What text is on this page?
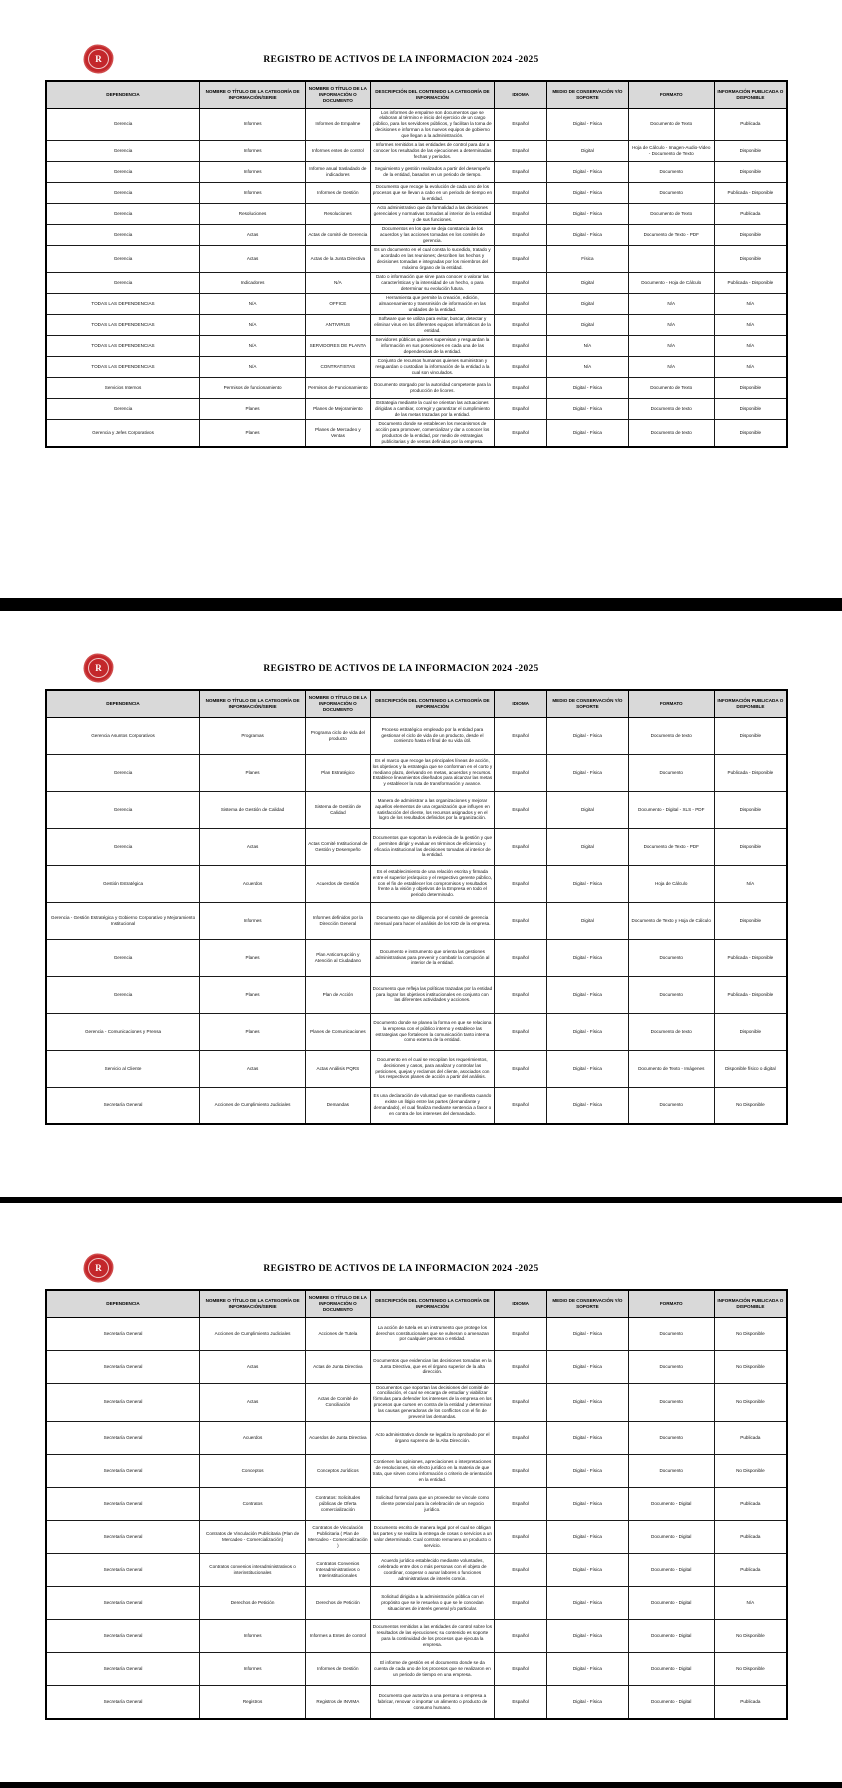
R	REGISTRO DE ACTIVOS DE LA INFORMACION 2024 -2025
DEPENDENCIA	NOMBRE O TÍTULO DE LA CATEGORÍA DE INFORMACIÓN/SERIE	NOMBRE O TÍTULO DE LA INFORMACIÓN O DOCUMENTO	DESCRIPCIÓN DEL CONTENIDO LA CATEGORÍA DE INFORMACIÓN	IDIOMA	MEDIO DE CONSERVACIÓN Y/O SOPORTE	FORMATO	INFORMACIÓN PUBLICADA O DISPONIBLE
Gerencia	Informes	Informes de Empalme	Los informes de empalme son documentos que se elaboran al término e inicio del ejercicio de un cargo público, para los servidores públicos, y facilitan la toma de decisiones e informan a los nuevos equipos de gobierno que llegan a la administración.	Español	Digital - Física	Documento de Texto	Publicada
Gerencia	Informes	Informes entes de control	Informes remitidos a las entidades de control para dar a conocer los resultados de las ejecuciones a determinadas fechas y periodos.	Español	Digital	Hoja de Cálculo - Imagen-Audio-Video - Documento de Texto	Disponible
Gerencia	Informes	Informe anual trasladado de indicadores	Seguimiento y gestión realizados a partir del desempeño de la entidad, basados en un periodo de tiempo.	Español	Digital - Física	Documento	Disponible
Gerencia	Informes	Informes de Gestión	Documento que recoge la evolución de cada uno de los procesos que se llevan a cabo en un periodo de tiempo en la entidad.	Español	Digital - Física	Documento	Publicada - Disponible
Gerencia	Resoluciones	Resoluciones	Acto administrativo que da formalidad a las decisiones gerenciales y normativas tomadas al interior de la entidad y de sus funciones.	Español	Digital - Física	Documento de Texto	Publicada
Gerencia	Actas	Actas de comité de Gerencia	Documentos en los que se deja constancia de los acuerdos y las acciones tomadas en los comités de gerencia.	Español	Digital - Física	Documento de Texto - PDF	Disponible
Gerencia	Actas	Actas de la Junta Directiva	Es un documento en el cual consta lo sucedido, tratado y acordado en las reuniones; describen los hechos y decisiones tomadas e integradas por los miembros del máximo órgano de la entidad.	Español	Física		Disponible
Gerencia	Indicadores	N/A	Dato o información que sirve para conocer o valorar las características y la intensidad de un hecho, o para determinar su evolución futura.	Español	Digital	Documento - Hoja de Cálculo	Publicada - Disponible
TODAS LAS DEPENDENCIAS	N/A	OFFICE	Herramienta que permite la creación, edición, almacenamiento y transmisión de información en las unidades de la entidad.	Español	Digital	N/A	N/A
TODAS LAS DEPENDENCIAS	N/A	ANTIVIRUS	Software que se utiliza para evitar, buscar, detectar y eliminar virus en los diferentes equipos informáticos de la entidad.	Español	Digital	N/A	N/A
TODAS LAS DEPENDENCIAS	N/A	SERVIDORES DE PLANTA	Servidores públicos quienes supervisan y resguardan la información en sus posesiones en cada una de las dependencias de la entidad.	Español	N/A	N/A	N/A
TODAS LAS DEPENDENCIAS	N/A	CONTRATISTAS	Conjunto de recursos humanos quienes suministran y resguardan o custodian la información de la entidad a la cual son vinculados.	Español	N/A	N/A	N/A
Servicios Internos	Permisos de funcionamiento	Permisos de Funcionamiento	Documento otorgado por la autoridad competente para la producción de licores.	Español	Digital - Física	Documento de Texto	Disponible
Gerencia	Planes	Planes de Mejoramiento	Estrategia mediante la cual se orientan las actuaciones dirigidas a cambiar, corregir y garantizar el cumplimiento de las metas trazadas por la entidad.	Español	Digital - Física	Documento de texto	Disponible
Gerencia y Jefes Corporativos	Planes	Planes de Mercadeo y Ventas	Documento donde se establecen los mecanismos de acción para promover, comercializar y dar a conocer los productos de la entidad, por medio de estrategias publicitarias y de ventas definidas por la empresa.	Español	Digital - Física	Documento de texto	Disponible
R	REGISTRO DE ACTIVOS DE LA INFORMACION 2024 -2025
DEPENDENCIA	NOMBRE O TÍTULO DE LA CATEGORÍA DE INFORMACIÓN/SERIE	NOMBRE O TÍTULO DE LA INFORMACIÓN O DOCUMENTO	DESCRIPCIÓN DEL CONTENIDO LA CATEGORÍA DE INFORMACIÓN	IDIOMA	MEDIO DE CONSERVACIÓN Y/O SOPORTE	FORMATO	INFORMACIÓN PUBLICADA O DISPONIBLE
Gerencia Asuntos Corporativos	Programas	Programa ciclo de vida del producto	Proceso estratégico empleado por la entidad para gestionar el ciclo de vida de un producto, desde el comienzo hasta el final de su vida útil.	Español	Digital - Física	Documento de texto	Disponible
Gerencia	Planes	Plan Estratégico	Es el marco que recoge las principales líneas de acción, los objetivos y la estrategia que se conforman en el corto y mediano plazo, derivando en metas, acuerdos y recursos. Establece lineamientos diseñados para alcanzar las metas y establecer la ruta de transformación y avance.	Español	Digital - Física	Documento	Publicada - Disponible
Gerencia	Sistema de Gestión de Calidad	Sistema de Gestión de Calidad	Manera de administrar a las organizaciones y mejorar aquellos elementos de una organización que influyen en satisfacción del cliente, los recursos asignados y en el logro de los resultados definidos por la organización.	Español	Digital	Documento - Digital - XLS - PDF	Disponible
Gerencia	Actas	Actas Comité Institucional de Gestión y Desempeño	Documentos que soportan la evidencia de la gestión y que permiten dirigir y evaluar en términos de eficiencia y eficacia institucional las decisiones tomadas al interior de la entidad.	Español	Digital	Documento de Texto - PDF	Disponible
Gestión Estratégica	Acuerdos	Acuerdos de Gestión	Es el establecimiento de una relación escrita y firmada entre el superior jerárquico y el respectivo gerente público, con el fin de establecer los compromisos y resultados frente a la visión y objetivos de la Empresa en todo el periodo determinado.	Español	Digital - Física	Hoja de Cálculo	N/A
Gerencia - Gestión Estratégica y Gobierno Corporativo y Mejoramiento Institucional	Informes	Informes definidos por la Dirección General	Documento que se diligencia por el comité de gerencia mensual para hacer el análisis de los KID de la empresa.	Español	Digital	Documento de Texto y Hoja de Cálculo	Disponible
Gerencia	Planes	Plan Anticorrupción y Atención al Ciudadano	Documento e instrumento que orienta las gestiones administrativas para prevenir y combatir la corrupción al interior de la entidad.	Español	Digital - Física	Documento	Publicada - Disponible
Gerencia	Planes	Plan de Acción	Documento que refleja las políticas trazadas por la entidad para lograr los objetivos institucionales en conjunto con las diferentes actividades y acciones.	Español	Digital - Física	Documento	Publicada - Disponible
Gerencia - Comunicaciones y Prensa	Planes	Planes de Comunicaciones	Documento donde se planea la forma en que se relaciona la empresa con el público interno y establece las estrategias que fortalecen la comunicación tanto interna como externa de la entidad.	Español	Digital - Física	Documento de texto	Disponible
Servicio al Cliente	Actas	Actas Análisis PQRS	Documento en el cual se recopilan los requerimientos, decisiones y casos, para analizar y controlar las peticiones, quejas y reclamos del cliente, asociados con los respectivos planes de acción a partir del análisis.	Español	Digital - Física	Documento de Texto - Imágenes	Disponible físico o digital
Secretaría General	Acciones de Cumplimiento Judiciales	Demandas	Es una declaración de voluntad que se manifiesta cuando existe un litigio entre las partes (demandante y demandado), el cual finaliza mediante sentencia a favor o en contra de los intereses del demandado.	Español	Digital - Física	Documento	No Disponible
R	REGISTRO DE ACTIVOS DE LA INFORMACION 2024 -2025
DEPENDENCIA	NOMBRE O TÍTULO DE LA CATEGORÍA DE INFORMACIÓN/SERIE	NOMBRE O TÍTULO DE LA INFORMACIÓN O DOCUMENTO	DESCRIPCIÓN DEL CONTENIDO LA CATEGORÍA DE INFORMACIÓN	IDIOMA	MEDIO DE CONSERVACIÓN Y/O SOPORTE	FORMATO	INFORMACIÓN PUBLICADA O DISPONIBLE
Secretaría General	Acciones de Cumplimiento Judiciales	Acciones de Tutela	La acción de tutela es un instrumento que protege los derechos constitucionales que se vulneran o amenazan por cualquier persona o entidad.	Español	Digital - Física	Documento	No Disponible
Secretaría General	Actas	Actas de Junta Directiva	Documentos que evidencian las decisiones tomadas en la Junta Directiva, que es el órgano superior de la alta dirección.	Español	Digital - Física	Documento	No Disponible
Secretaría General	Actas	Actas de Comité de Conciliación	Documentos que soportan las decisiones del comité de conciliación, el cual se encarga de estudiar y viabilizar fórmulas para defender los intereses de la empresa en los procesos que cursen en contra de la entidad y determinar las causas generadoras de los conflictos con el fin de prevenir las demandas.	Español	Digital - Física	Documento	No Disponible
Secretaría General	Acuerdos	Acuerdos de Junta Directiva	Acto administrativo donde se legaliza lo aprobado por el órgano supremo de la Alta Dirección.	Español	Digital - Física	Documento	Publicada
Secretaría General	Conceptos	Conceptos Jurídicos	Contienen las opiniones, apreciaciones o interpretaciones de resoluciones, sin efecto jurídico en la materia de que trata, que sirven como información o criterio de orientación en la entidad.	Español	Digital - Física	Documento	No Disponible
Secretaría General	Contratos	Contratos: Solicitudes públicas de Oferta comercialización	Solicitud formal para que un proveedor se vincule como cliente potencial para la celebración de un negocio jurídico.	Español	Digital - Física	Documento - Digital	Publicada
Secretaría General	Contratos de Vinculación Publicitaria (Plan de Mercadeo - Comercialización)	Contratos de Vinculación Publicitaria ( Plan de Mercadeo - Comercialización )	Documento escrito de manera legal por el cual se obligan las partes y se realiza la entrega de cosas o servicios a un valor determinado. Cual contrato remunera un producto o servicio.	Español	Digital - Física	Documento - Digital	Publicada
Secretaría General	Contratos convenios interadministrativos o interinstitucionales	Contratos Convenios Interadministrativos o Interinstitucionales	Acuerdo jurídico establecido mediante voluntades, celebrado entre dos o más personas con el objeto de coordinar, cooperar o aunar labores o funciones administrativas de interés común.	Español	Digital - Física	Documento - Digital	Publicada
Secretaría General	Derechos de Petición	Derechos de Petición	Solicitud dirigida a la administración pública con el propósito que se le resuelva o que se le concedan situaciones de interés general y/o particular.	Español	Digital - Física	Documento - Digital	N/A
Secretaría General	Informes	Informes a Entes de control	Documentos remitidos a las entidades de control sobre los resultados de las ejecuciones; su contenido es soporte para la continuidad de los procesos que ejecuta la empresa.	Español	Digital - Física	Documento - Digital	No Disponible
Secretaría General	Informes	Informes de Gestión	El informe de gestión es el documento donde se da cuenta de cada uno de los procesos que se realizaron en un periodo de tiempo en una empresa.	Español	Digital - Física	Documento - Digital	No Disponible
Secretaría General	Registros	Registros de INVIMA	Documento que autoriza a una persona o empresa a fabricar, renovar o importar un alimento o producto de consumo humano.	Español	Digital - Física	Documento - Digital	Publicada
